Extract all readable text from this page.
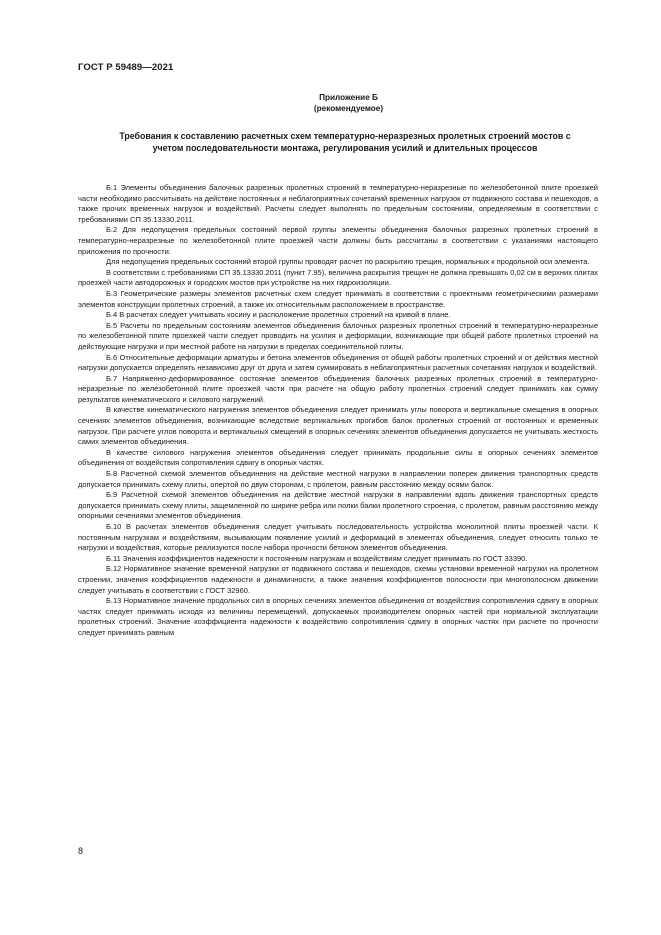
ГОСТ Р 59489—2021
Приложение Б
(рекомендуемое)
Требования к составлению расчетных схем температурно-неразрезных пролетных строений мостов с учетом последовательности монтажа, регулирования усилий и длительных процессов

Б.1 Элементы объединения балочных разрезных пролетных строений в температурно-неразрезные по железобетонной плите проезжей части необходимо рассчитывать на действие постоянных и неблагоприятных сочетаний временных нагрузок от подвижного состава и пешеходов, а также прочих временных нагрузок и воздействий. Расчеты следует выполнять по предельным состояниям, определяемым в соответствии с требованиями СП 35.13330.2011.

Б.2 Для недопущения предельных состояний первой группы элементы объединения балочных разрезных пролетных строений в температурно-неразрезные по железобетонной плите проезжей части должны быть рассчитаны в соответствии с указаниями настоящего приложения по прочности.

Для недопущения предельных состояний второй группы проводят расчет по раскрытию трещин, нормальных к продольной оси элемента.

В соответствии с требованиями СП 35.13330.2011 (пункт 7.95), величина раскрытия трещин не должна превышать 0,02 см в верхних плитах проезжей части автодорожных и городских мостов при устройстве на них гидроизоляции.

Б.3 Геометрические размеры элементов расчетных схем следует принимать в соответствии с проектными геометрическими размерами элементов конструкции пролетных строений, а также их относительным расположением в пространстве.

Б.4 В расчетах следует учитывать косину и расположение пролетных строений на кривой в плане.

Б.5 Расчеты по предельным состояниям элементов объединения балочных разрезных пролетных строений в температурно-неразрезные по железобетонной плите проезжей части следует проводить на усилия и деформации, возникающие при общей работе пролетных строений на действующие нагрузки и при местной работе на нагрузки в пределах соединительной плиты.

Б.6 Относительные деформации арматуры и бетона элементов объединения от общей работы пролетных строений и от действия местной нагрузки допускается определять независимо друг от друга и затем суммировать в неблагоприятных расчетных сочетаниях нагрузок и воздействий.

Б.7 Напряженно-деформированное состояние элементов объединения балочных разрезных пролетных строений в температурно-неразрезные по железобетонной плите проезжей части при расчете на общую работу пролетных строений следует принимать как сумму результатов кинематического и силового нагружений.

В качестве кинематического нагружения элементов объединения следует принимать углы поворота и вертикальные смещения в опорных сечениях элементов объединения, возникающие вследствие вертикальных прогибов балок пролетных строений от постоянных и временных нагрузок. При расчете углов поворота и вертикальных смещений в опорных сечениях элементов объединения допускается не учитывать жесткость самих элементов объединения.

В качестве силового нагружения элементов объединения следует принимать продольные силы в опорных сечениях элементов объединения от воздействия сопротивления сдвигу в опорных частях.

Б.8 Расчетной схемой элементов объединения на действие местной нагрузки в направлении поперек движения транспортных средств допускается принимать схему плиты, опертой по двум сторонам, с пролетом, равным расстоянию между осями балок.

Б.9 Расчетной схемой элементов объединения на действие местной нагрузки в направлении вдоль движения транспортных средств допускается принимать схему плиты, защемленной по ширине ребра или полки балки пролетного строения, с пролетом, равным расстоянию между опорными сечениями элементов объединения.

Б.10 В расчетах элементов объединения следует учитывать последовательность устройства монолитной плиты проезжей части. К постоянным нагрузкам и воздействиям, вызывающим появление усилий и деформаций в элементах объединения, следует относить только те нагрузки и воздействия, которые реализуются после набора прочности бетоном элементов объединения.

Б.11 Значения коэффициентов надежности к постоянным нагрузкам и воздействиям следует принимать по ГОСТ 33390.

Б.12 Нормативное значение временной нагрузки от подвижного состава и пешеходов, схемы установки временной нагрузки на пролетном строении, значения коэффициентов надежности и динамичности, а также значения коэффициентов полосности при многополосном движении следует учитывать в соответствии с ГОСТ 32960.

Б.13 Нормативное значение продольных сил в опорных сечениях элементов объединения от воздействия сопротивления сдвигу в опорных частях следует принимать исходя из величины перемещений, допускаемых производителем опорных частей при нормальной эксплуатации пролетных строений. Значение коэффициента надежности к воздействию сопротивления сдвигу в опорных частях при расчете по прочности следует принимать равным

8
